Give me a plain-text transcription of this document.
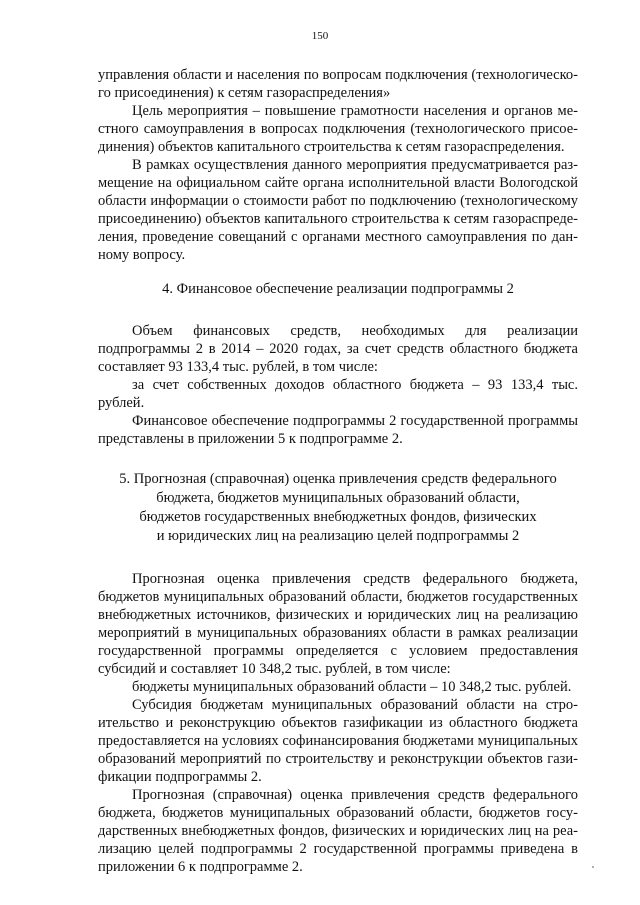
150

управления области и населения по вопросам подключения (технологическо-го присоединения) к сетям газораспределения»

Цель мероприятия – повышение грамотности населения и органов ме-стного самоуправления в вопросах подключения (технологического присое-динения) объектов капитального строительства к сетям газораспределения.

В рамках осуществления данного мероприятия предусматривается раз-мещение на официальном сайте органа исполнительной власти Вологодской области информации о стоимости работ по подключению (технологическому присоединению) объектов капитального строительства к сетям газораспреде-ления, проведение совещаний с органами местного самоуправления по дан-ному вопросу.

4. Финансовое обеспечение реализации подпрограммы 2

Объем финансовых средств, необходимых для реализации подпрограммы 2 в 2014 – 2020 годах, за счет средств областного бюджета составляет 93 133,4 тыс. рублей, в том числе:

за счет собственных доходов областного бюджета – 93 133,4 тыс. рублей.

Финансовое обеспечение подпрограммы 2 государственной программы представлены в приложении 5 к подпрограмме 2.

5. Прогнозная (справочная) оценка привлечения средств федерального
бюджета, бюджетов муниципальных образований области,
бюджетов государственных внебюджетных фондов, физических
и юридических лиц на реализацию целей подпрограммы 2

Прогнозная оценка привлечения средств федерального бюджета, бюджетов муниципальных образований области, бюджетов государственных внебюджетных источников, физических и юридических лиц на реализацию мероприятий в муниципальных образованиях области в рамках реализации государственной программы определяется с условием предоставления субсидий и составляет 10 348,2 тыс. рублей, в том числе:

бюджеты муниципальных образований области – 10 348,2 тыс. рублей.

Субсидия бюджетам муниципальных образований области на стро-ительство и реконструкцию объектов газификации из областного бюджета предоставляется на условиях софинансирования бюджетами муниципальных образований мероприятий по строительству и реконструкции объектов гази-фикации подпрограммы 2.

Прогнозная (справочная) оценка привлечения средств федерального бюджета, бюджетов муниципальных образований области, бюджетов госу-дарственных внебюджетных фондов, физических и юридических лиц на реа-лизацию целей подпрограммы 2 государственной программы приведена в приложении 6 к подпрограмме 2.
